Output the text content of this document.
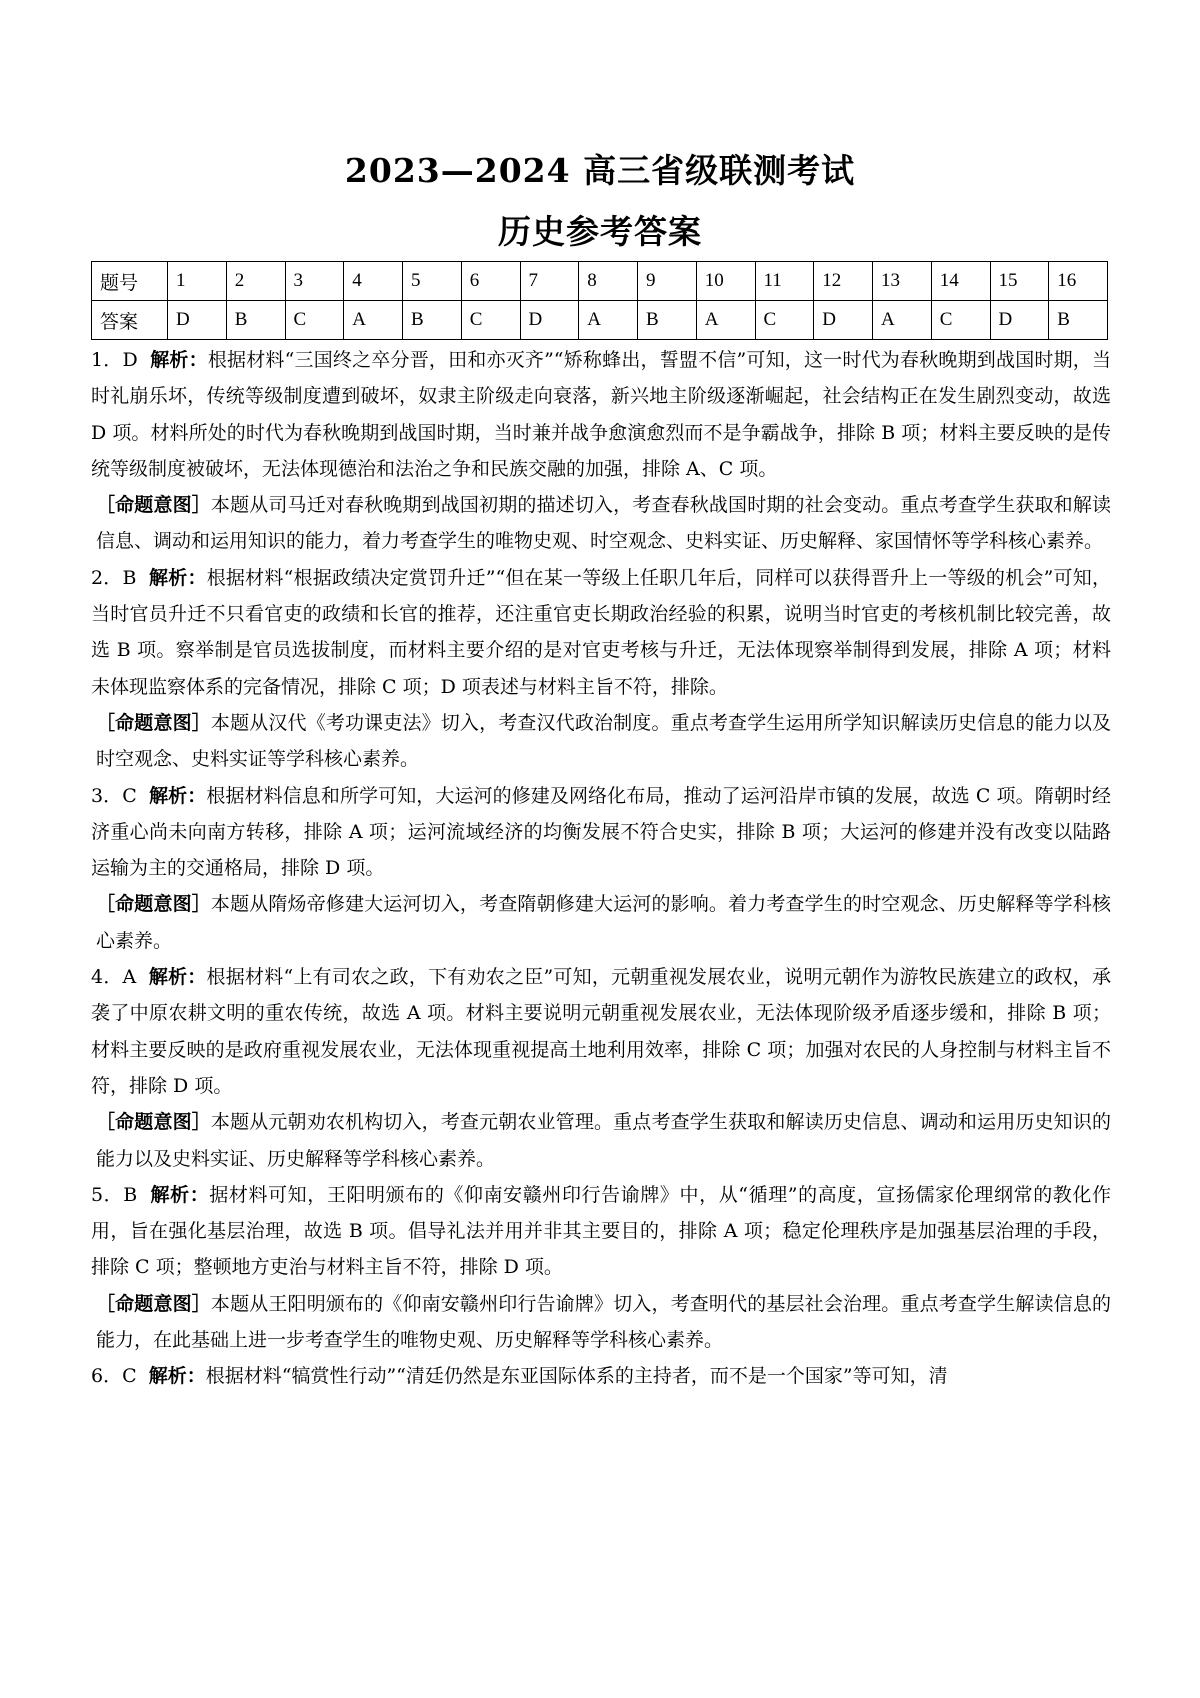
2023—2024 高三省级联测考试
历史参考答案
题号	1	2	3	4	5	6	7	8	9	10	11	12	13	14	15	16
答案	D	B	C	A	B	C	D	A	B	A	C	D	A	C	D	B

1．D 解析：根据材料“三国终之卒分晋，田和亦灭齐”“矫称蜂出，誓盟不信”可知，这一时代为春秋晚期到战国时期，当时礼崩乐坏，传统等级制度遭到破坏，奴隶主阶级走向衰落，新兴地主阶级逐渐崛起，社会结构正在发生剧烈变动，故选 D 项。材料所处的时代为春秋晚期到战国时期，当时兼并战争愈演愈烈而不是争霸战争，排除 B 项；材料主要反映的是传统等级制度被破坏，无法体现德治和法治之争和民族交融的加强，排除 A、C 项。

［命题意图］本题从司马迁对春秋晚期到战国初期的描述切入，考查春秋战国时期的社会变动。重点考查学生获取和解读信息、调动和运用知识的能力，着力考查学生的唯物史观、时空观念、史料实证、历史解释、家国情怀等学科核心素养。

2．B 解析：根据材料“根据政绩决定赏罚升迁”“但在某一等级上任职几年后，同样可以获得晋升上一等级的机会”可知，当时官员升迁不只看官吏的政绩和长官的推荐，还注重官吏长期政治经验的积累，说明当时官吏的考核机制比较完善，故选 B 项。察举制是官员选拔制度，而材料主要介绍的是对官吏考核与升迁，无法体现察举制得到发展，排除 A 项；材料未体现监察体系的完备情况，排除 C 项；D 项表述与材料主旨不符，排除。

［命题意图］本题从汉代《考功课吏法》切入，考查汉代政治制度。重点考查学生运用所学知识解读历史信息的能力以及时空观念、史料实证等学科核心素养。

3．C 解析：根据材料信息和所学可知，大运河的修建及网络化布局，推动了运河沿岸市镇的发展，故选 C 项。隋朝时经济重心尚未向南方转移，排除 A 项；运河流域经济的均衡发展不符合史实，排除 B 项；大运河的修建并没有改变以陆路运输为主的交通格局，排除 D 项。

［命题意图］本题从隋炀帝修建大运河切入，考查隋朝修建大运河的影响。着力考查学生的时空观念、历史解释等学科核心素养。

4．A 解析：根据材料“上有司农之政，下有劝农之臣”可知，元朝重视发展农业，说明元朝作为游牧民族建立的政权，承袭了中原农耕文明的重农传统，故选 A 项。材料主要说明元朝重视发展农业，无法体现阶级矛盾逐步缓和，排除 B 项；材料主要反映的是政府重视发展农业，无法体现重视提高土地利用效率，排除 C 项；加强对农民的人身控制与材料主旨不符，排除 D 项。

［命题意图］本题从元朝劝农机构切入，考查元朝农业管理。重点考查学生获取和解读历史信息、调动和运用历史知识的能力以及史料实证、历史解释等学科核心素养。

5．B 解析：据材料可知，王阳明颁布的《仰南安赣州印行告谕牌》中，从“循理”的高度，宣扬儒家伦理纲常的教化作用，旨在强化基层治理，故选 B 项。倡导礼法并用并非其主要目的，排除 A 项；稳定伦理秩序是加强基层治理的手段，排除 C 项；整顿地方吏治与材料主旨不符，排除 D 项。

［命题意图］本题从王阳明颁布的《仰南安赣州印行告谕牌》切入，考查明代的基层社会治理。重点考查学生解读信息的能力，在此基础上进一步考查学生的唯物史观、历史解释等学科核心素养。

6．C 解析：根据材料“犒赏性行动”“清廷仍然是东亚国际体系的主持者，而不是一个国家”等可知，清
